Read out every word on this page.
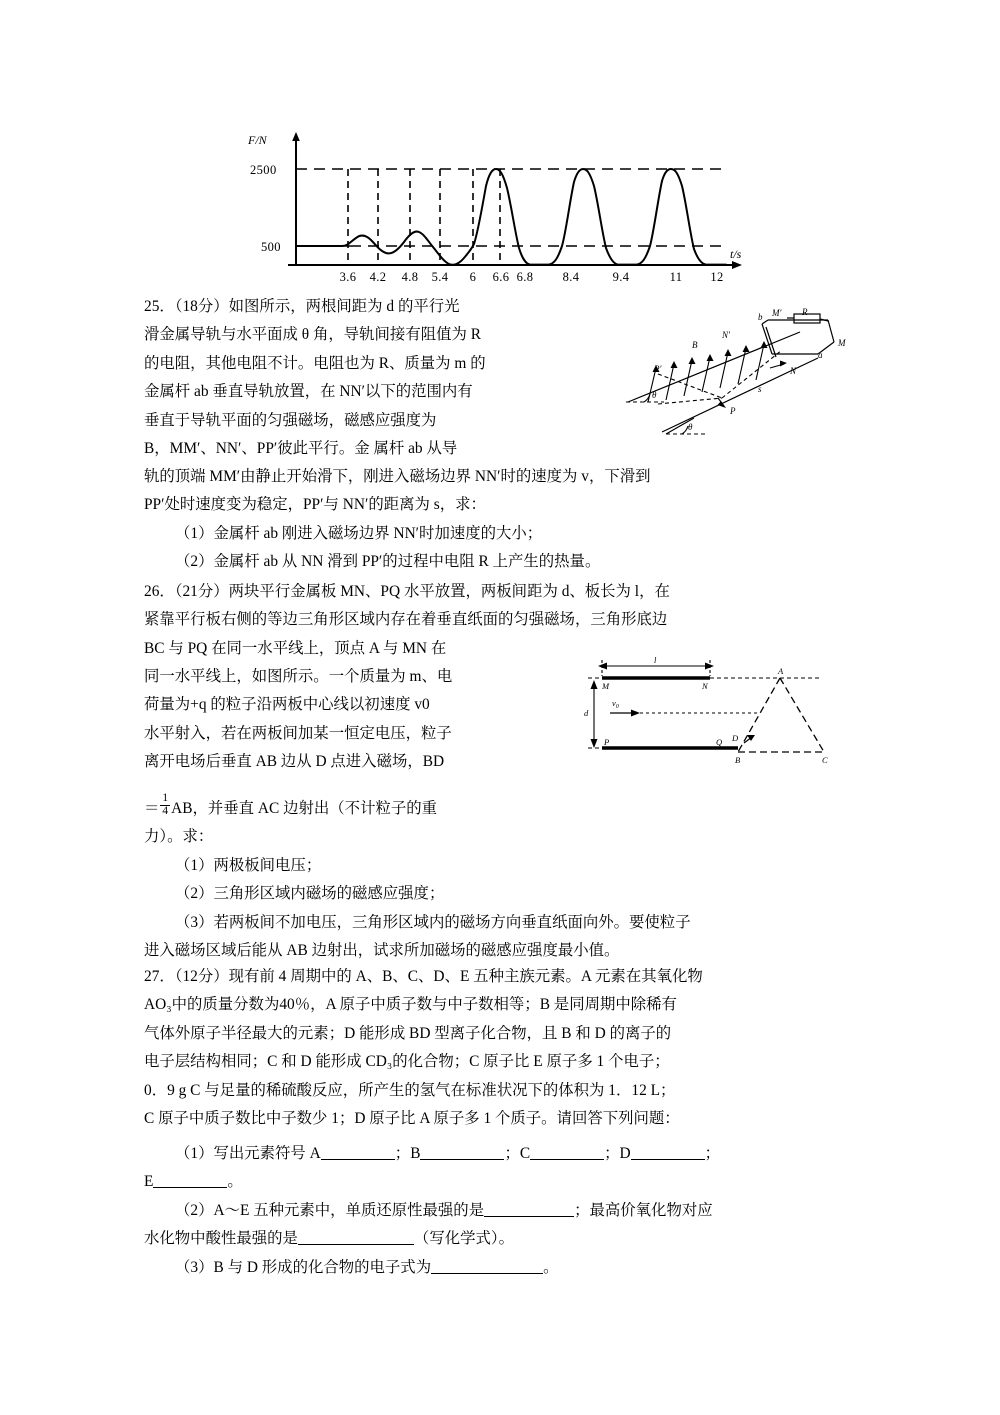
F/N
t/s
2500
500
3.6 4.2 4.8 5.4 6 6.6 6.8 8.4	9.4	11 12

25．（18分）如图所示，两根间距为 d 的平行光

滑金属导轨与水平面成 θ 角，导轨间接有阻值为 R

的电阻，其他电阻不计。电阻也为 R、质量为 m 的

金属杆 ab 垂直导轨放置，在 NN′以下的范围内有

垂直于导轨平面的匀强磁场，磁感应强度为

B，MM′、NN′、PP′彼此平行。金 属杆 ab 从导

轨的顶端 MM′由静止开始滑下，刚进入磁场边界 NN′时的速度为 v，下滑到

PP′处时速度变为稳定，PP′与 NN′的距离为 s，求：

（1）金属杆 ab 刚进入磁场边界 NN′时加速度的大小；

（2）金属杆 ab 从 NN 滑到 PP′的过程中电阻 R 上产生的热量。

B
N′
N
P′
P
b M′
M
a
R
s
θ
θ

26．（21分）两块平行金属板 MN、PQ 水平放置，两板间距为 d、板长为 l，在

紧靠平行板右侧的等边三角形区域内存在着垂直纸面的匀强磁场，三角形底边

BC 与 PQ 在同一水平线上，顶点 A 与 MN 在

同一水平线上，如图所示。一个质量为 m、电

荷量为+q 的粒子沿两板中心线以初速度 v0

水平射入，若在两板间加某一恒定电压，粒子

离开电场后垂直 AB 边从 D 点进入磁场，BD

＝ $\frac{1}{4}$ AB，并垂直 AC 边射出（不计粒子的重

力）。求：

（1）两极板间电压；

（2）三角形区域内磁场的磁感应强度；

（3）若两板间不加电压，三角形区域内的磁场方向垂直纸面向外。要使粒子

进入磁场区域后能从 AB 边射出，试求所加磁场的磁感应强度最小值。

l
M	N
P	Q
d
$v_0$
A
B	C
D

27．（12分）现有前 4 周期中的 A、B、C、D、E 五种主族元素。A 元素在其氧化物

AO₃中的质量分数为40％，A 原子中质子数与中子数相等；B 是同周期中除稀有

气体外原子半径最大的元素；D 能形成 BD 型离子化合物，且 B 和 D 的离子的

电子层结构相同；C 和 D 能形成 CD₃的化合物；C 原子比 E 原子多 1 个电子；

0．9 g C 与足量的稀硫酸反应，所产生的氢气在标准状况下的体积为 1．12 L；

C 原子中质子数比中子数少 1；D 原子比 A 原子多 1 个质子。请回答下列问题：

（1）写出元素符号 A	；B	；C	；D	；

E	。

（2）A～E 五种元素中，单质还原性最强的是	；最高价氧化物对应

水化物中酸性最强的是	（写化学式）。

（3）B 与 D 形成的化合物的电子式为	。
